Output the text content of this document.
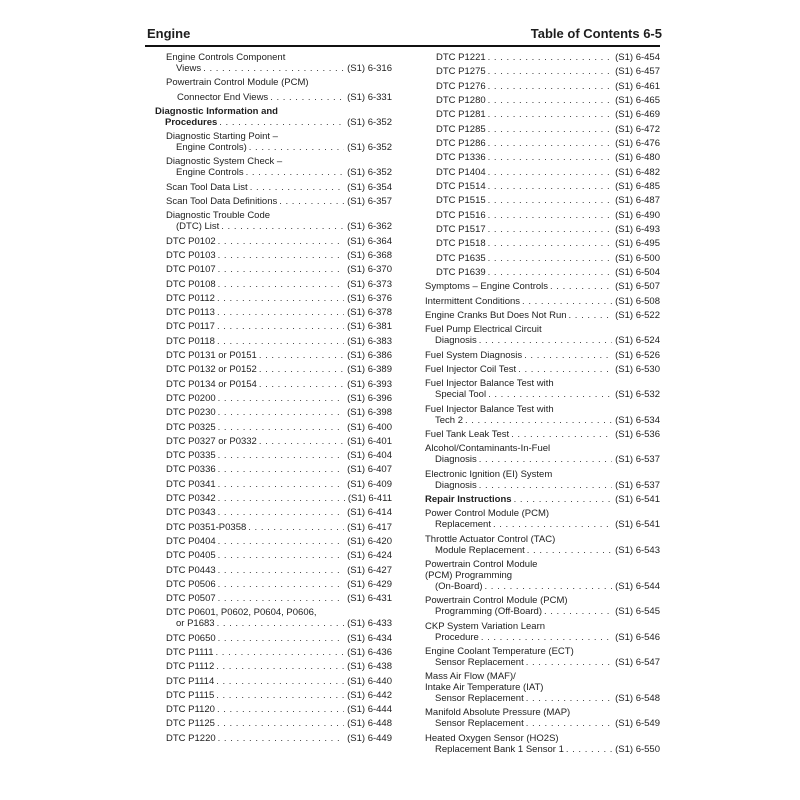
Engine	Table of Contents 6-5
Engine Controls Component
Views . . .	(S1) 6-316
Powertrain Control Module (PCM)
Connector End Views . . .	(S1) 6-331
Diagnostic Information and
Procedures . . .	(S1) 6-352
Diagnostic Starting Point –
Engine Controls) . . .	(S1) 6-352
Diagnostic System Check –
Engine Controls . . .	(S1) 6-352
Scan Tool Data List . . .	(S1) 6-354
Scan Tool Data Definitions . . .	(S1) 6-357
Diagnostic Trouble Code
(DTC) List . . .	(S1) 6-362
DTC P0102 . . .	(S1) 6-364
DTC P0103 . . .	(S1) 6-368
DTC P0107 . . .	(S1) 6-370
DTC P0108 . . .	(S1) 6-373
DTC P0112 . . .	(S1) 6-376
DTC P0113 . . .	(S1) 6-378
DTC P0117 . . .	(S1) 6-381
DTC P0118 . . .	(S1) 6-383
DTC P0131 or P0151 . . .	(S1) 6-386
DTC P0132 or P0152 . . .	(S1) 6-389
DTC P0134 or P0154 . . .	(S1) 6-393
DTC P0200 . . .	(S1) 6-396
DTC P0230 . . .	(S1) 6-398
DTC P0325 . . .	(S1) 6-400
DTC P0327 or P0332 . . .	(S1) 6-401
DTC P0335 . . .	(S1) 6-404
DTC P0336 . . .	(S1) 6-407
DTC P0341 . . .	(S1) 6-409
DTC P0342 . . .	(S1) 6-411
DTC P0343 . . .	(S1) 6-414
DTC P0351-P0358 . . .	(S1) 6-417
DTC P0404 . . .	(S1) 6-420
DTC P0405 . . .	(S1) 6-424
DTC P0443 . . .	(S1) 6-427
DTC P0506 . . .	(S1) 6-429
DTC P0507 . . .	(S1) 6-431
DTC P0601, P0602, P0604, P0606,
or P1683 . . .	(S1) 6-433
DTC P0650 . . .	(S1) 6-434
DTC P1111 . . .	(S1) 6-436
DTC P1112 . . .	(S1) 6-438
DTC P1114 . . .	(S1) 6-440
DTC P1115 . . .	(S1) 6-442
DTC P1120 . . .	(S1) 6-444
DTC P1125 . . .	(S1) 6-448
DTC P1220 . . .	(S1) 6-449
DTC P1221 . . .	(S1) 6-454
DTC P1275 . . .	(S1) 6-457
DTC P1276 . . .	(S1) 6-461
DTC P1280 . . .	(S1) 6-465
DTC P1281 . . .	(S1) 6-469
DTC P1285 . . .	(S1) 6-472
DTC P1286 . . .	(S1) 6-476
DTC P1336 . . .	(S1) 6-480
DTC P1404 . . .	(S1) 6-482
DTC P1514 . . .	(S1) 6-485
DTC P1515 . . .	(S1) 6-487
DTC P1516 . . .	(S1) 6-490
DTC P1517 . . .	(S1) 6-493
DTC P1518 . . .	(S1) 6-495
DTC P1635 . . .	(S1) 6-500
DTC P1639 . . .	(S1) 6-504
Symptoms – Engine Controls . . .	(S1) 6-507
Intermittent Conditions . . .	(S1) 6-508
Engine Cranks But Does Not Run . . .	(S1) 6-522
Fuel Pump Electrical Circuit
Diagnosis . . .	(S1) 6-524
Fuel System Diagnosis . . .	(S1) 6-526
Fuel Injector Coil Test . . .	(S1) 6-530
Fuel Injector Balance Test with
Special Tool . . .	(S1) 6-532
Fuel Injector Balance Test with
Tech 2 . . .	(S1) 6-534
Fuel Tank Leak Test . . .	(S1) 6-536
Alcohol/Contaminants-In-Fuel
Diagnosis . . .	(S1) 6-537
Electronic Ignition (EI) System
Diagnosis . . .	(S1) 6-537
Repair Instructions . . .	(S1) 6-541
Power Control Module (PCM)
Replacement . . .	(S1) 6-541
Throttle Actuator Control (TAC)
Module Replacement . . .	(S1) 6-543
Powertrain Control Module
(PCM) Programming
(On-Board) . . .	(S1) 6-544
Powertrain Control Module (PCM)
Programming (Off-Board) . . .	(S1) 6-545
CKP System Variation Learn
Procedure . . .	(S1) 6-546
Engine Coolant Temperature (ECT)
Sensor Replacement . . .	(S1) 6-547
Mass Air Flow (MAF)/
Intake Air Temperature (IAT)
Sensor Replacement . . .	(S1) 6-548
Manifold Absolute Pressure (MAP)
Sensor Replacement . . .	(S1) 6-549
Heated Oxygen Sensor (HO2S)
Replacement Bank 1 Sensor 1 . . .	(S1) 6-550
